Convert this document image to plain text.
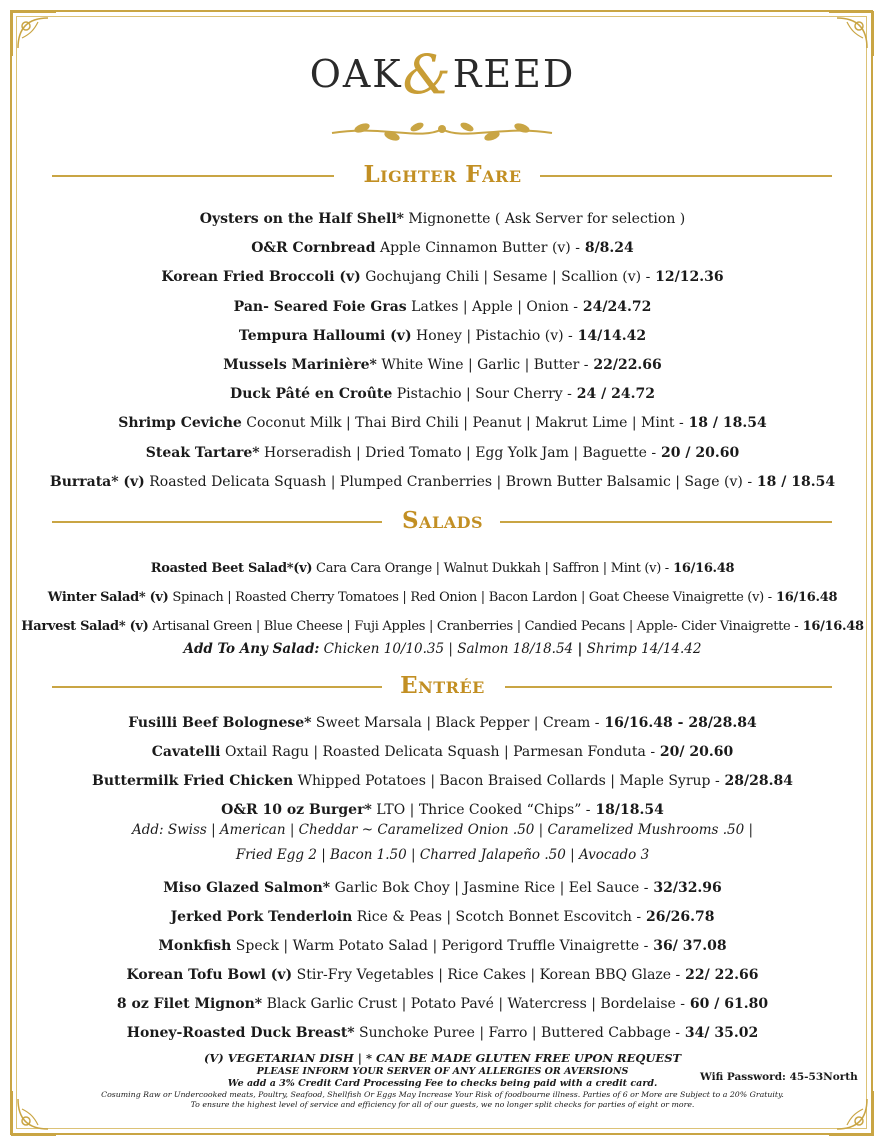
OAK&REED
Lighter Fare
Oysters on the Half Shell* Mignonette ( Ask Server for selection )
O&R Cornbread Apple Cinnamon Butter (v) - 8/8.24
Korean Fried Broccoli (v) Gochujang Chili | Sesame | Scallion (v) - 12/12.36
Pan- Seared Foie Gras Latkes | Apple | Onion - 24/24.72
Tempura Halloumi (v) Honey | Pistachio (v) - 14/14.42
Mussels Marinière* White Wine | Garlic | Butter - 22/22.66
Duck Pâté en Croûte Pistachio | Sour Cherry - 24 / 24.72
Shrimp Ceviche Coconut Milk | Thai Bird Chili | Peanut | Makrut Lime | Mint - 18 / 18.54
Steak Tartare* Horseradish | Dried Tomato | Egg Yolk Jam | Baguette - 20 / 20.60
Burrata* (v) Roasted Delicata Squash | Plumped Cranberries | Brown Butter Balsamic | Sage (v) - 18 / 18.54
Salads
Roasted Beet Salad*(v) Cara Cara Orange | Walnut Dukkah | Saffron | Mint (v) - 16/16.48
Winter Salad* (v) Spinach | Roasted Cherry Tomatoes | Red Onion | Bacon Lardon | Goat Cheese Vinaigrette (v) - 16/16.48
Harvest Salad* (v) Artisanal Green | Blue Cheese | Fuji Apples | Cranberries | Candied Pecans | Apple- Cider Vinaigrette - 16/16.48
Add To Any Salad: Chicken 10/10.35 | Salmon 18/18.54 | Shrimp 14/14.42
Entrée
Fusilli Beef Bolognese* Sweet Marsala | Black Pepper | Cream - 16/16.48 - 28/28.84
Cavatelli Oxtail Ragu | Roasted Delicata Squash | Parmesan Fonduta - 20/ 20.60
Buttermilk Fried Chicken Whipped Potatoes | Bacon Braised Collards | Maple Syrup - 28/28.84
O&R 10 oz Burger* LTO | Thrice Cooked “Chips” - 18/18.54
Add: Swiss | American | Cheddar ~ Caramelized Onion .50 | Caramelized Mushrooms .50 |
Fried Egg 2 | Bacon 1.50 | Charred Jalapeño .50 | Avocado 3
Miso Glazed Salmon* Garlic Bok Choy | Jasmine Rice | Eel Sauce - 32/32.96
Jerked Pork Tenderloin Rice & Peas | Scotch Bonnet Escovitch - 26/26.78
Monkfish Speck | Warm Potato Salad | Perigord Truffle Vinaigrette - 36/ 37.08
Korean Tofu Bowl (v) Stir-Fry Vegetables | Rice Cakes | Korean BBQ Glaze - 22/ 22.66
8 oz Filet Mignon* Black Garlic Crust | Potato Pavé | Watercress | Bordelaise - 60 / 61.80
Honey-Roasted Duck Breast* Sunchoke Puree | Farro | Buttered Cabbage - 34/ 35.02
(V) VEGETARIAN DISH | * CAN BE MADE GLUTEN FREE UPON REQUEST
PLEASE INFORM YOUR SERVER OF ANY ALLERGIES OR AVERSIONS
We add a 3% Credit Card Processing Fee to checks being paid with a credit card.
Cosuming Raw or Undercooked meats, Poultry, Seafood, Shellfish Or Eggs May Increase Your Risk of foodbourne illness. Parties of 6 or More are Subject to a 20% Gratuity.
To ensure the highest level of service and efficiency for all of our guests, we no longer split checks for parties of eight or more.
Wifi Password: 45-53North
